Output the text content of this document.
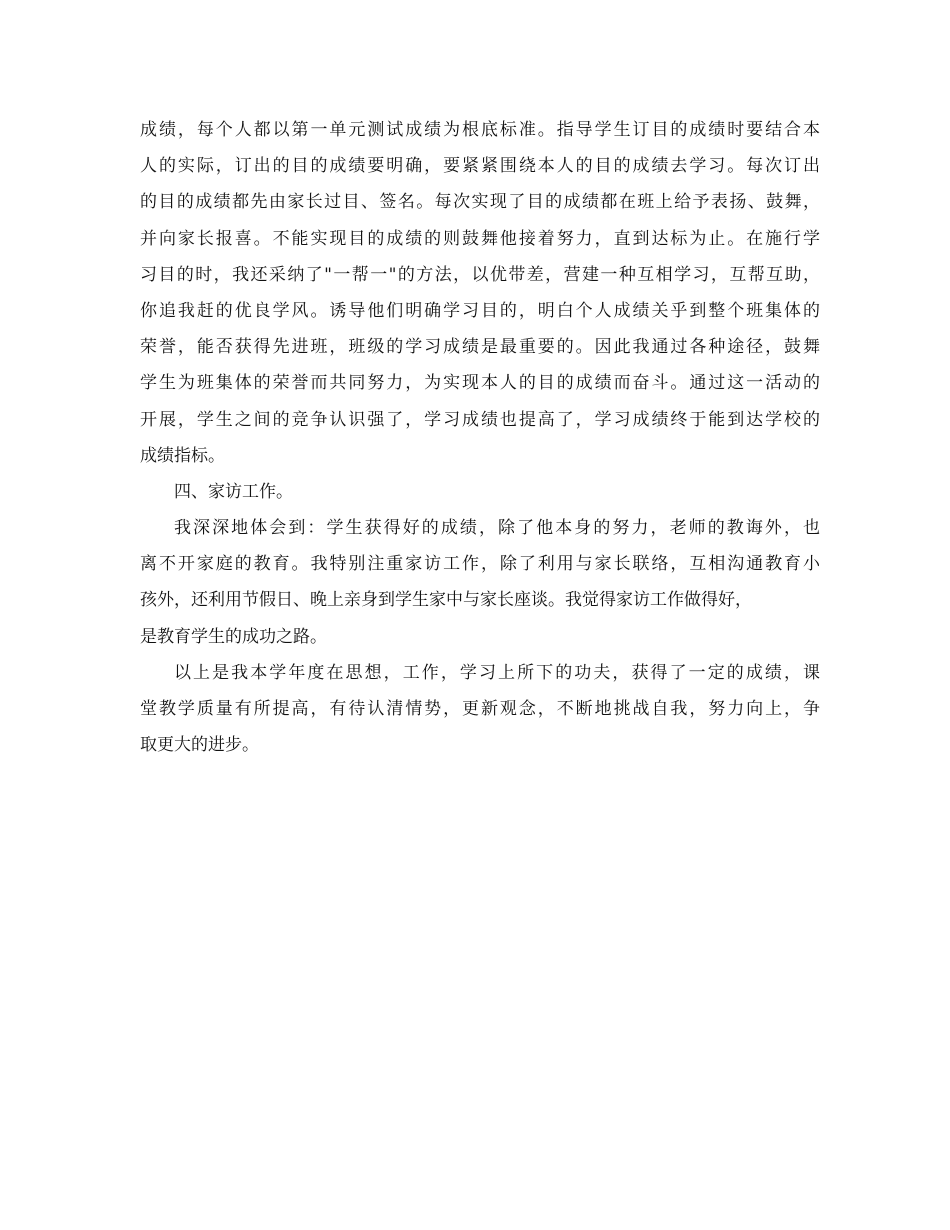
成绩，每个人都以第一单元测试成绩为根底标准。指导学生订目的成绩时要结合本
人的实际，订出的目的成绩要明确，要紧紧围绕本人的目的成绩去学习。每次订出
的目的成绩都先由家长过目、签名。每次实现了目的成绩都在班上给予表扬、鼓舞，
并向家长报喜。不能实现目的成绩的则鼓舞他接着努力，直到达标为止。在施行学
习目的时，我还采纳了"一帮一"的方法，以优带差，营建一种互相学习，互帮互助，
你追我赶的优良学风。诱导他们明确学习目的，明白个人成绩关乎到整个班集体的
荣誉，能否获得先进班，班级的学习成绩是最重要的。因此我通过各种途径，鼓舞
学生为班集体的荣誉而共同努力，为实现本人的目的成绩而奋斗。通过这一活动的
开展，学生之间的竞争认识强了，学习成绩也提高了，学习成绩终于能到达学校的
成绩指标。
四、家访工作。
我深深地体会到：学生获得好的成绩，除了他本身的努力，老师的教诲外，也
离不开家庭的教育。我特别注重家访工作，除了利用与家长联络，互相沟通教育小
孩外，还利用节假日、晚上亲身到学生家中与家长座谈。我觉得家访工作做得好，
是教育学生的成功之路。
以上是我本学年度在思想，工作，学习上所下的功夫，获得了一定的成绩，课
堂教学质量有所提高，有待认清情势，更新观念，不断地挑战自我，努力向上，争
取更大的进步。
